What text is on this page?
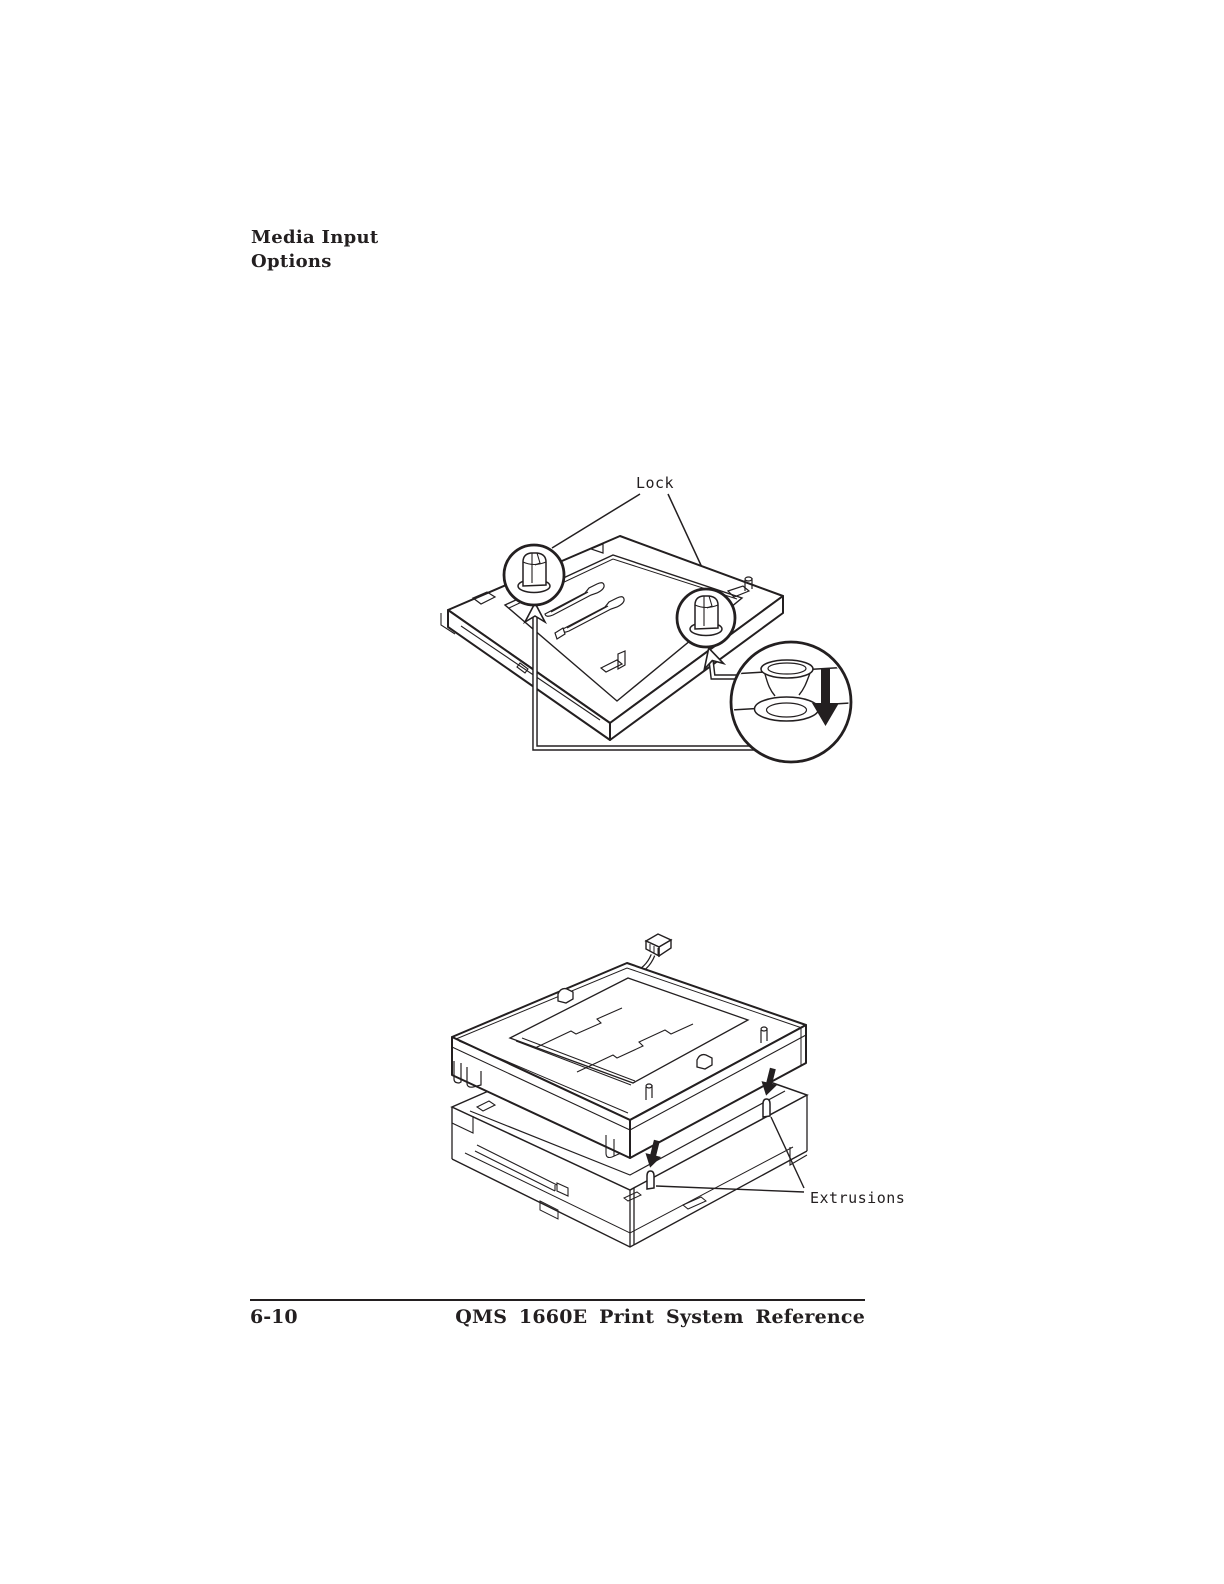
Media Input
Options
Lock
Extrusions
6-10	QMS 1660E Print System Reference
